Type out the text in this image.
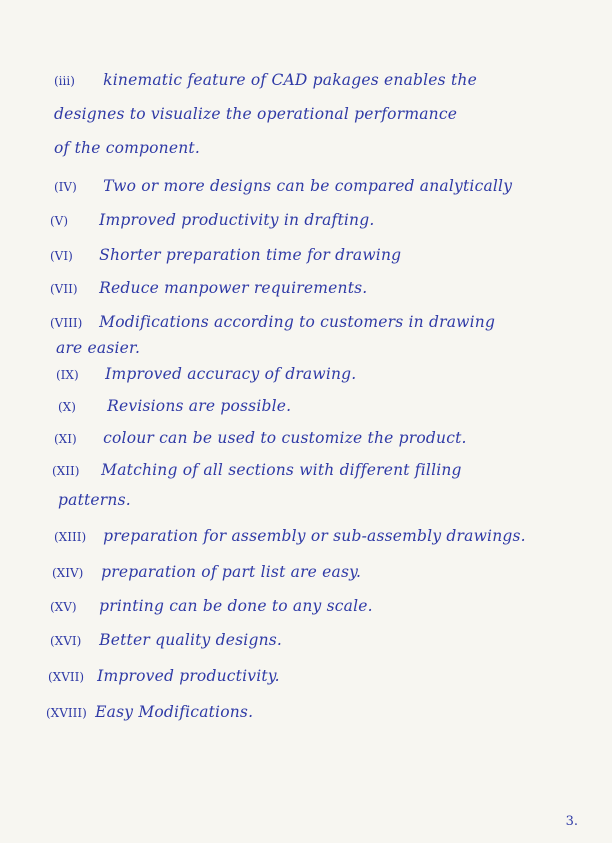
(iii) kinematic feature of CAD pakages enables the
designes to visualize the operational performance
of the component.
(IV) Two or more designs can be compared analytically
(V) Improved productivity in drafting.
(VI) Shorter preparation time for drawing
(VII) Reduce manpower requirements.
(VIII) Modifications according to customers in drawing
are easier.
(IX) Improved accuracy of drawing.
(X) Revisions are possible.
(XI) colour can be used to customize the product.
(XII) Matching of all sections with different filling
patterns.
(XIII) preparation for assembly or sub-assembly drawings.
(XIV) preparation of part list are easy.
(XV) printing can be done to any scale.
(XVI) Better quality designs.
(XVII) Improved productivity.
(XVIII) Easy Modifications.
3.
